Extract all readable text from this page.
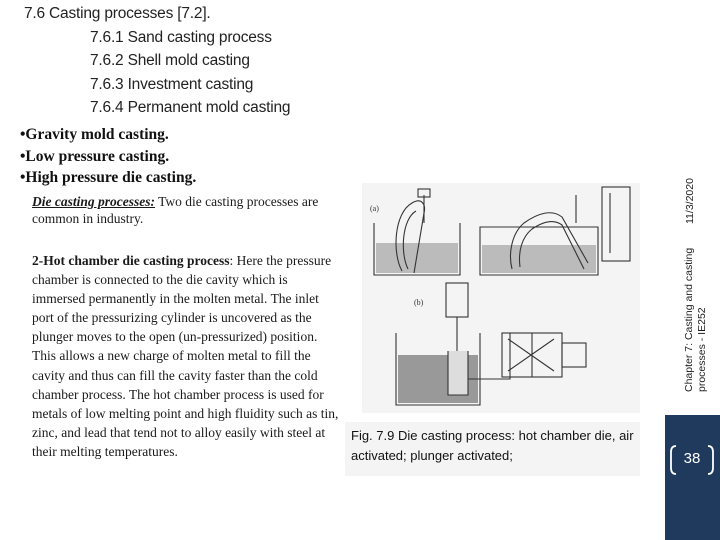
7.6 Casting processes [7.2].
7.6.1 Sand casting process
7.6.2 Shell mold casting
7.6.3 Investment casting
7.6.4 Permanent mold casting
•Gravity mold casting.
•Low pressure casting.
•High pressure die casting.
Die casting processes: Two die casting processes are common in industry.
2-Hot chamber die casting process: Here the pressure chamber is connected to the die cavity which is immersed permanently in the molten metal. The inlet port of the pressurizing cylinder is uncovered as the plunger moves to the open (un-pressurized) position. This allows a new charge of molten metal to fill the cavity and thus can fill the cavity faster than the cold chamber process. The hot chamber process is used for metals of low melting point and high fluidity such as tin, zinc, and lead that tend not to alloy easily with steel at their melting temperatures.
(a)
(b)
Fig. 7.9 Die casting process: hot chamber die, air activated; plunger activated;
11/3/2020
Chapter 7: Casting and casting processes - IE252
38
